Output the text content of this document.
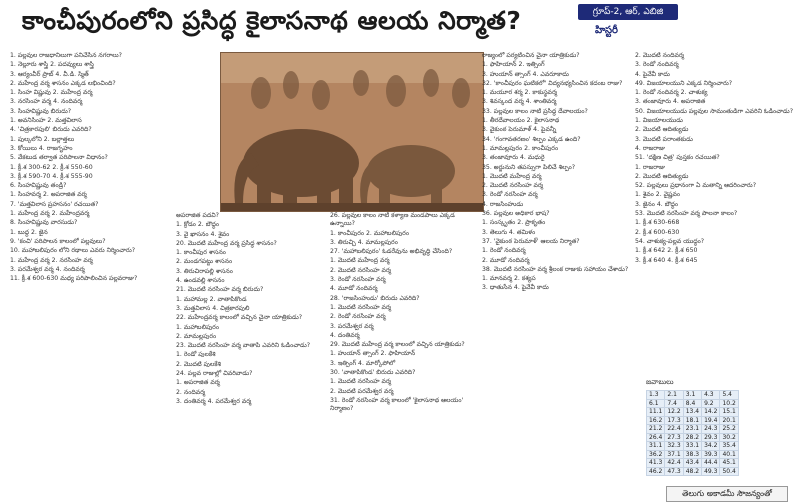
కాంచీపురంలోని ప్రసిద్ధ కైలాసనాథ ఆలయ నిర్మాత?	గ్రూప్-2, ఆర్, ఎబిజి ప్రత్యేకం
హిస్టరీ
1. పల్లవుల రాజధానిలుగా పనిచేసిన నగరాలు?
1. నెల్లూరు శాస్త్రి 2. పదవ్యులు శాస్త్రి
3. ఆర్యంవీర్ ప్రాబ్ 4. వీ.డి. స్మిత్
2. మహేంద్ర వర్మ శాసనం ఎక్కడ లభించింది?
1. సింహ విష్ణువు 2. మహేంద్ర వర్మ
3. నరసింహ వర్మ 4. నందివర్మ
3. సింహవిష్ణువు బిరుదు?
1. అవనిసింహ 2. మత్తవిలాస
4. 'చిత్రకారపులి' బిరుదు ఎవరిది?
1. పుల్కలోని 2. బల్లాత్తలు
3. కోయిలు 4. రాజగృహం
5. వేకటుడ తర్వాత పరిపాలనా విధానం?
1. క్రీ.శ 300-62 2. క్రీ.శ 550-60
3. క్రీ.శ 590-70 4. క్రీ.శ 555-90
6. సింహవిష్ణువు తండ్రి?
1. సింహవర్మ 2. అపరాజిత వర్మ
7. 'మత్తవిలాస ప్రహసనం' రచయిత?
1. మహేంద్ర వర్మ 2. మహేంద్రవర్మ
8. సింహవిష్ణువు వారసుడు?
1. బుద్ధ 2. జైన
9. 'కంచి' పరిపాలన కాలంలో పల్లవులు?
10. మహాబలిపురం లోని రథాలు ఎవరు నిర్మించారు?
1. మహేంద్ర వర్మ 2. నరసింహ వర్మ
3. పరమేశ్వర వర్మ 4. నందివర్మ
11. క్రీ.శ 600-630 మధ్య పరిపాలించిన పల్లవరాజు?
అపరాజిత పదవి?
1. క్రోడం 2. బౌద్ధం
3. వై ఖాసనం 4. శైవం
20. మొదటి మహేంద్ర వర్మ ప్రసిద్ధ శాసనం?
1. కాంచీపుర శాసనం
2. మండగపట్టు శాసనం
3. తిరుచిరాపల్లి శాసనం
4. ఉండవల్లి శాసనం
21. మొదటి నరసింహ వర్మ బిరుదు?
1. మహామల్ల 2. వాతాపికొండ
3. మత్తవిలాస 4. చిత్రకారపులి
22. మహేంద్రవర్మ కాలంలో వచ్చిన చైనా యాత్రికుడు?
1. మహాబలిపురం
2. మామల్లపురం
23. మొదటి నరసింహ వర్మ వాతాపి ఎవరిని ఓడించాడు?
1. రెండో పులకేశి
2. మొదటి పులకేశి
24. పల్లవ రాజుల్లో చివరివాడు?
1. అపరాజిత వర్మ
2. నందివర్మ
3. దంతివర్మ 4. పరమేశ్వర వర్మ
26. పల్లవుల కాలం నాటి కళ్యాణ మండపాలు ఎక్కడ ఉన్నాయి?
1. కాంచీపురం 2. మహాబలిపురం
3. తిరుచ్చి 4. మామల్లపురం
27. 'మహాబలిపురం' ఓడరేవును అభివృద్ధి చేసింది?
1. మొదటి మహేంద్ర వర్మ
2. మొదటి నరసింహ వర్మ
3. రెండో నరసింహ వర్మ
4. మూడో నందివర్మ
28. 'రాజసింహుడు' బిరుదు ఎవరిది?
1. మొదటి నరసింహ వర్మ
2. రెండో నరసింహ వర్మ
3. పరమేశ్వర వర్మ
4. దంతివర్మ
29. మొదటి మహేంద్ర వర్మ కాలంలో వచ్చిన యాత్రికుడు?
1. హుయాన్ త్సాంగ్ 2. ఫాహియాన్
3. ఇత్సింగ్ 4. మార్కోపోలో
30. 'వాతాపికొండ' బిరుదు ఎవరిది?
1. మొదటి నరసింహ వర్మ
2. మొదటి పరమేశ్వర వర్మ
31. రెండో నరసింహ వర్మ కాలంలో 'కైలాసనాథ ఆలయం' నిర్మాణం?
రాజ్యంలో పర్యటించిన చైనా యాత్రికుడు?
1. ఫాహియాన్ 2. ఇత్సింగ్
3. హుయాన్ త్సాంగ్ 4. ఎవరూకాదు
32. 'కాంచీపురం ఘటికలో' విద్యనభ్యసించిన కదంబ రాజు?
1. మయూర శర్మ 2. కాకుస్థవర్మ
3. శివస్కంద వర్మ 4. శాంతివర్మ
33. పల్లవుల కాలం నాటి ప్రసిద్ధ దేవాలయం?
1. తీరదేవాలయం 2. కైలాసనాథ
3. వైకుంఠ పెరుమాళ్ 4. పైవన్నీ
34. 'గంగావతరణం' శిల్పం ఎక్కడ ఉంది?
1. మామల్లపురం 2. కాంచీపురం
3. తంజావూరు 4. మధురై
35. అర్జునుని తపస్సుగా పిలిచే శిల్పం?
1. మొదటి మహేంద్ర వర్మ
2. మొదటి నరసింహ వర్మ
3. రెండో నరసింహ వర్మ
4. రాజసింహుడు
36. పల్లవుల అధికార భాష?
1. సంస్కృతం 2. ప్రాకృతం
3. తెలుగు 4. తమిళం
37. 'వైకుంఠ పెరుమాళ్' ఆలయ నిర్మాత?
1. రెండో నందివర్మ
2. మూడో నందివర్మ
38. మొదటి నరసింహ వర్మ శ్రీలంక రాజుకు సహాయం చేశాడు?
1. మానవర్మ 2. కశ్యప
3. ధాతుసేన 4. పైవేవీ కాదు
2. మొదటి నందివర్మ
3. రెండో నందివర్మ
4. పైవేవీ కాదు
49. విజయాలయుని ఎక్కడ నిర్మించారు?
1. రెండో నందివర్మ 2. చాళుక్య
3. తంజావూరు 4. అపరాజిత
50. విజయాలయుడు పల్లవుల సామంతుడిగా ఎవరిని ఓడించాడు?
1. విజయాలయుడు
2. మొదటి ఆదిత్యుడు
3. మొదటి పరాంతకుడు
4. రాజరాజు
51. 'దక్షిణ చిత్ర' పుస్తకం రచయిత?
1. రాజరాజు
2. మొదటి ఆదిత్యుడు
52. పల్లవులు ప్రధానంగా ఏ మతాన్ని ఆదరించారు?
1. శైవం 2. వైష్ణవం
3. జైనం 4. బౌద్ధం
53. మొదటి నరసింహ వర్మ పాలనా కాలం?
1. క్రీ.శ 630-668
2. క్రీ.శ 600-630
54. చాళుక్య-పల్లవ యుద్ధం?
1. క్రీ.శ 642 2. క్రీ.శ 650
3. క్రీ.శ 640 4. క్రీ.శ 645
జవాబులు
1.3	2.1	3.1	4.3	5.4
6.1	7.4	8.4	9.2	10.2
11.1	12.2	13.4	14.2	15.1
16.2	17.3	18.1	19.4	20.1
21.2	22.4	23.1	24.3	25.2
26.4	27.3	28.2	29.3	30.2
31.1	32.3	33.1	34.2	35.4
36.2	37.1	38.3	39.3	40.1
41.3	42.4	43.4	44.4	45.1
46.2	47.3	48.2	49.3	50.4
తెలుగు అకాడమీ సౌజన్యంతో
